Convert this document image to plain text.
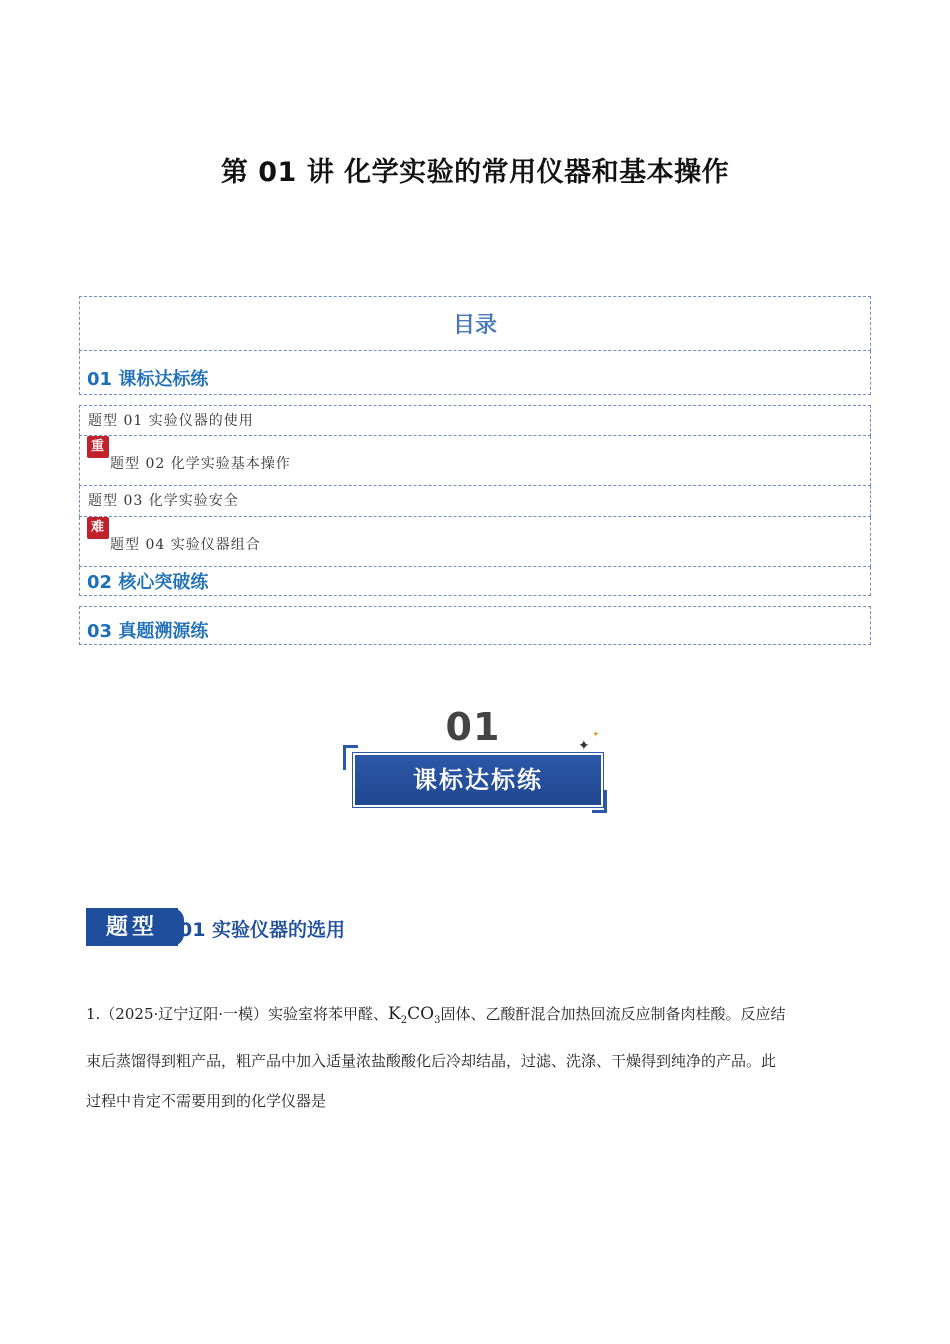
第 01 讲 化学实验的常用仪器和基本操作
目录
01 课标达标练
题型 01 实验仪器的使用
重
题型 02 化学实验基本操作
题型 03 化学实验安全
难
题型 04 实验仪器组合
02 核心突破练
03 真题溯源练
01
课标达标练
✦
✦
题型	01 实验仪器的选用
1.（2025·辽宁辽阳·一模）实验室将苯甲醛、$K_2CO_3$固体、乙酸酐混合加热回流反应制备肉桂酸。反应结
束后蒸馏得到粗产品，粗产品中加入适量浓盐酸酸化后冷却结晶，过滤、洗涤、干燥得到纯净的产品。此
过程中肯定不需要用到的化学仪器是
